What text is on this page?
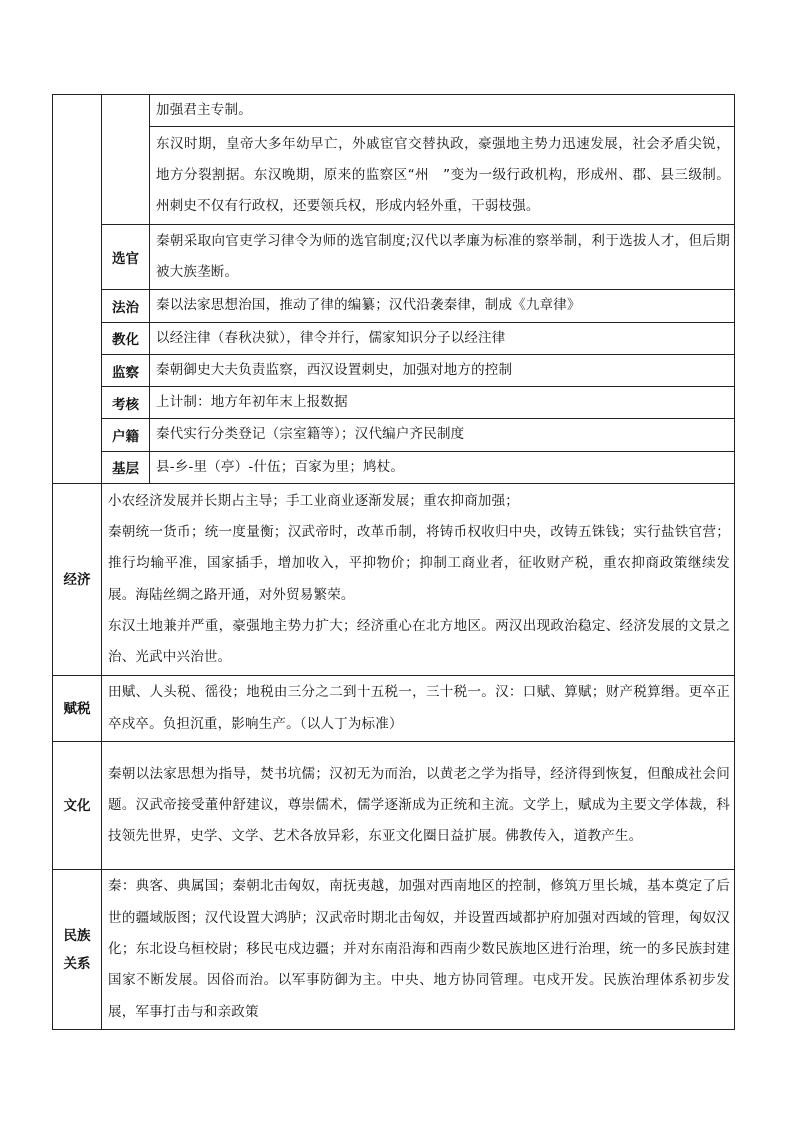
		加强君主专制。
		东汉时期，皇帝大多年幼早亡，外戚宦官交替执政，豪强地主势力迅速发展，社会矛盾尖锐，地方分裂割据。东汉晚期，原来的监察区“州　”变为一级行政机构，形成州、郡、县三级制。州刺史不仅有行政权，还要领兵权，形成内轻外重，干弱枝强。
	选官	秦朝采取向官吏学习律令为师的选官制度;汉代以孝廉为标准的察举制，利于选拔人才，但后期被大族垄断。
	法治	秦以法家思想治国，推动了律的编纂；汉代沿袭秦律，制成《九章律》
	教化	以经注律（春秋决狱），律令并行，儒家知识分子以经注律
	监察	秦朝御史大夫负责监察，西汉设置刺史，加强对地方的控制
	考核	上计制：地方年初年末上报数据
	户籍	秦代实行分类登记（宗室籍等）；汉代编户齐民制度
	基层	县-乡-里（亭）-什伍；百家为里；鸠杖。
经济	小农经济发展并长期占主导；手工业商业逐渐发展；重农抑商加强；

秦朝统一货币；统一度量衡；汉武帝时，改革币制，将铸币权收归中央，改铸五铢钱；实行盐铁官营；推行均输平准，国家插手，增加收入，平抑物价；抑制工商业者，征收财产税，重农抑商政策继续发展。海陆丝绸之路开通，对外贸易繁荣。

东汉土地兼并严重，豪强地主势力扩大；经济重心在北方地区。两汉出现政治稳定、经济发展的文景之治、光武中兴治世。	

赋税	田赋、人头税、徭役；地税由三分之二到十五税一，三十税一。汉：口赋、算赋；财产税算缗。更卒正卒戍卒。负担沉重，影响生产。（以人丁为标准）	
文化	秦朝以法家思想为指导，焚书坑儒；汉初无为而治，以黄老之学为指导，经济得到恢复，但酿成社会问题。汉武帝接受董仲舒建议，尊崇儒术，儒学逐渐成为正统和主流。文学上，赋成为主要文学体裁，科技领先世界，史学、文学、艺术各放异彩，东亚文化圈日益扩展。佛教传入，道教产生。	
民族
关系	秦：典客、典属国；秦朝北击匈奴，南抚夷越，加强对西南地区的控制，修筑万里长城，基本奠定了后世的疆域版图；汉代设置大鸿胪；汉武帝时期北击匈奴，并设置西域都护府加强对西域的管理，匈奴汉化；东北设乌桓校尉；移民屯戍边疆；并对东南沿海和西南少数民族地区进行治理，统一的多民族封建国家不断发展。因俗而治。以军事防御为主。中央、地方协同管理。屯戍开发。民族治理体系初步发展，军事打击与和亲政策	
